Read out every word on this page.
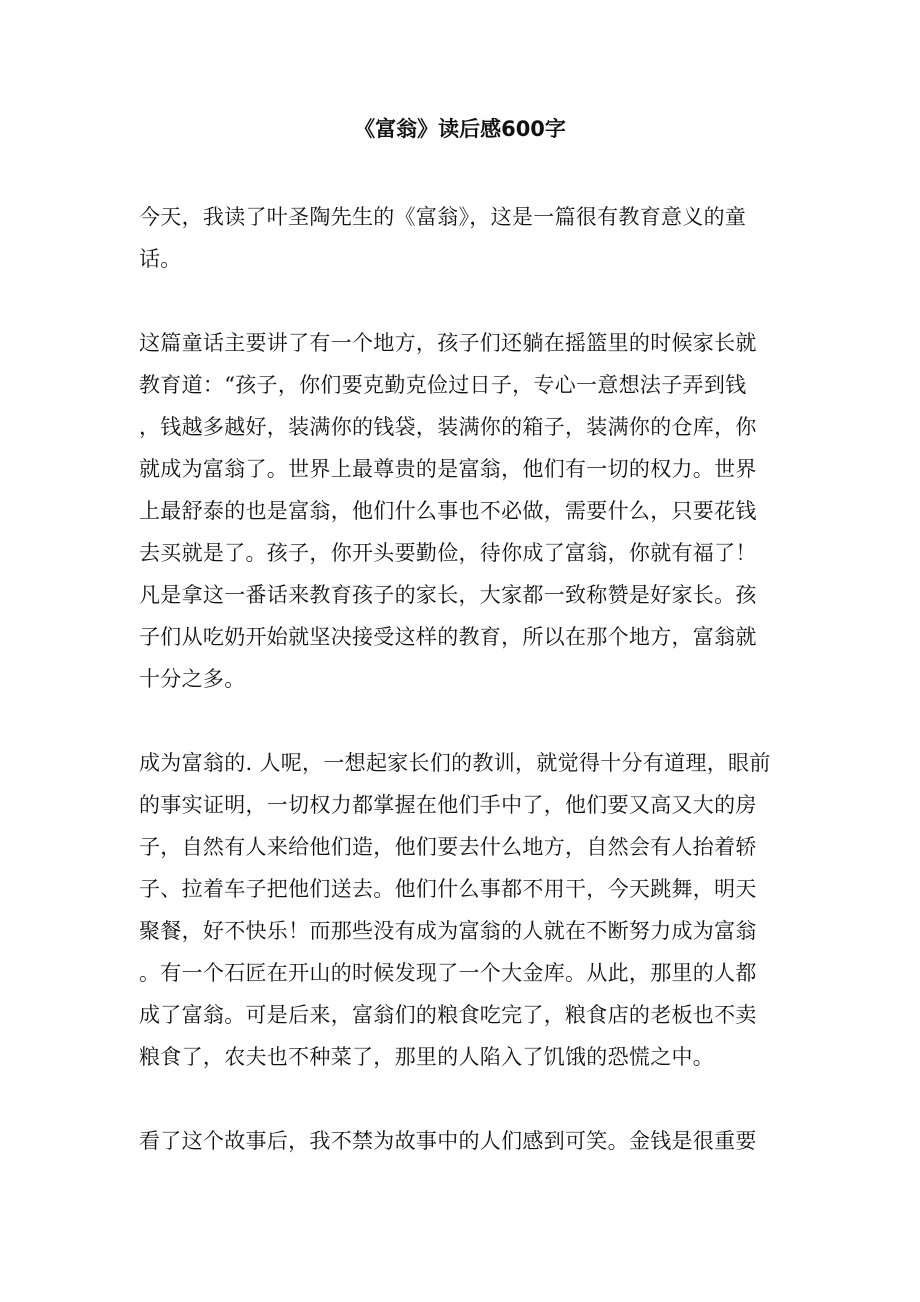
《富翁》读后感600字

今天，我读了叶圣陶先生的《富翁》，这是一篇很有教育意义的童
话。

这篇童话主要讲了有一个地方，孩子们还躺在摇篮里的时候家长就
教育道：“孩子，你们要克勤克俭过日子，专心一意想法子弄到钱
，钱越多越好，装满你的钱袋，装满你的箱子，装满你的仓库，你
就成为富翁了。世界上最尊贵的是富翁，他们有一切的权力。世界
上最舒泰的也是富翁，他们什么事也不必做，需要什么，只要花钱
去买就是了。孩子，你开头要勤俭，待你成了富翁，你就有福了！
凡是拿这一番话来教育孩子的家长，大家都一致称赞是好家长。孩
子们从吃奶开始就坚决接受这样的教育，所以在那个地方，富翁就
十分之多。

成为富翁的. 人呢，一想起家长们的教训，就觉得十分有道理，眼前
的事实证明，一切权力都掌握在他们手中了，他们要又高又大的房
子，自然有人来给他们造，他们要去什么地方，自然会有人抬着轿
子、拉着车子把他们送去。他们什么事都不用干，今天跳舞，明天
聚餐，好不快乐！而那些没有成为富翁的人就在不断努力成为富翁
。有一个石匠在开山的时候发现了一个大金库。从此，那里的人都
成了富翁。可是后来，富翁们的粮食吃完了，粮食店的老板也不卖
粮食了，农夫也不种菜了，那里的人陷入了饥饿的恐慌之中。

看了这个故事后，我不禁为故事中的人们感到可笑。金钱是很重要
